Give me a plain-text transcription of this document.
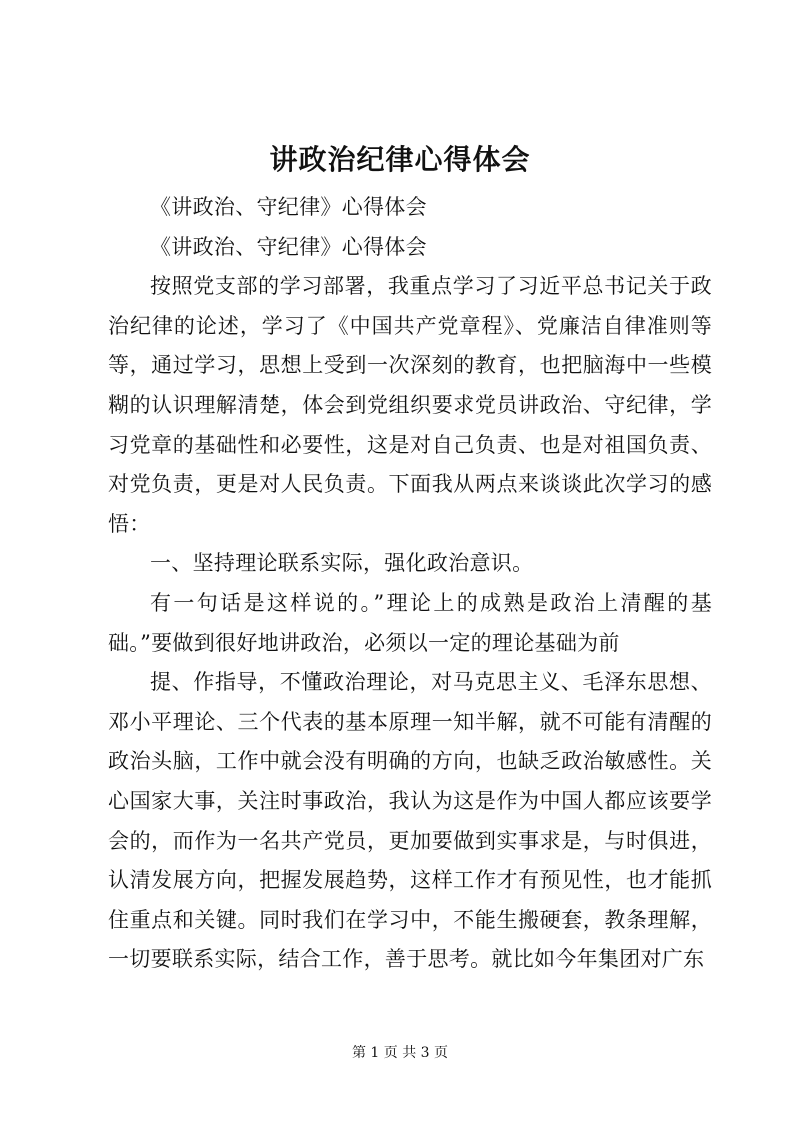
讲政治纪律心得体会

《讲政治、守纪律》心得体会

《讲政治、守纪律》心得体会

按照党支部的学习部署，我重点学习了习近平总书记关于政治纪律的论述，学习了《中国共产党章程》、党廉洁自律准则等等，通过学习，思想上受到一次深刻的教育，也把脑海中一些模糊的认识理解清楚，体会到党组织要求党员讲政治、守纪律，学习党章的基础性和必要性，这是对自己负责、也是对祖国负责、对党负责，更是对人民负责。下面我从两点来谈谈此次学习的感悟：

一、坚持理论联系实际，强化政治意识。

有一句话是这样说的。”理论上的成熟是政治上清醒的基础。”要做到很好地讲政治，必须以一定的理论基础为前

提、作指导，不懂政治理论，对马克思主义、毛泽东思想、邓小平理论、三个代表的基本原理一知半解，就不可能有清醒的政治头脑，工作中就会没有明确的方向，也缺乏政治敏感性。关心国家大事，关注时事政治，我认为这是作为中国人都应该要学会的，而作为一名共产党员，更加要做到实事求是，与时俱进，认清发展方向，把握发展趋势，这样工作才有预见性，也才能抓住重点和关键。同时我们在学习中，不能生搬硬套，教条理解，一切要联系实际，结合工作，善于思考。就比如今年集团对广东

第 1 页 共 3 页
